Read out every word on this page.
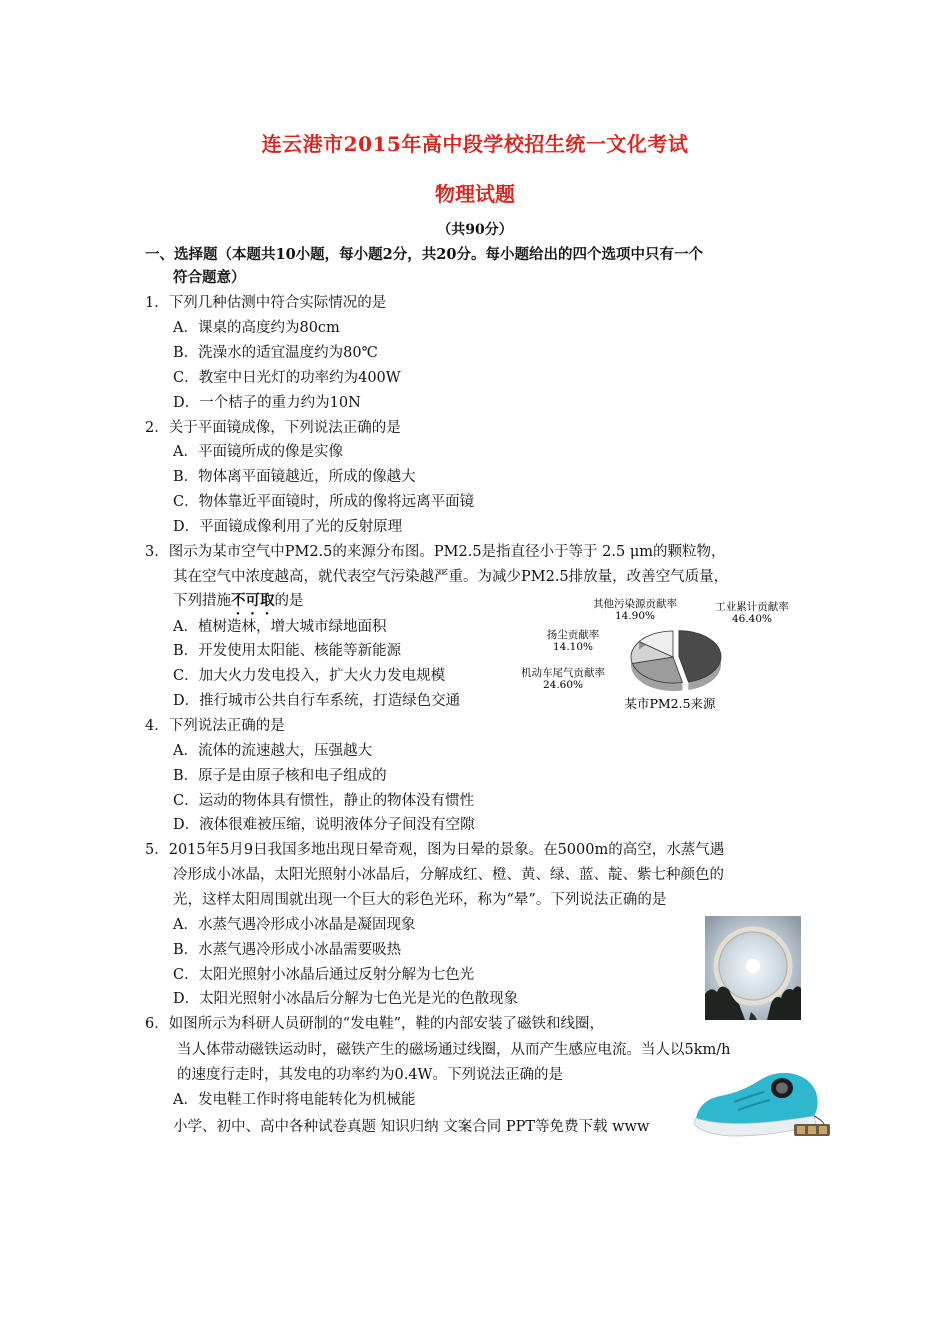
连云港市2015年高中段学校招生统一文化考试
物理试题
（共90分）
一、选择题（本题共10小题，每小题2分，共20分。每小题给出的四个选项中只有一个
符合题意）
1．下列几种估测中符合实际情况的是
A．课桌的高度约为80cm
B．洗澡水的适宜温度约为80℃
C．教室中日光灯的功率约为400W
D．一个桔子的重力约为10N
2．关于平面镜成像，下列说法正确的是
A．平面镜所成的像是实像
B．物体离平面镜越近，所成的像越大
C．物体靠近平面镜时，所成的像将远离平面镜
D．平面镜成像利用了光的反射原理
3．图示为某市空气中PM2.5的来源分布图。PM2.5是指直径小于等于 2.5 μm的颗粒物，
其在空气中浓度越高，就代表空气污染越严重。为减少PM2.5排放量，改善空气质量，
下列措施不可取的是
A．植树造林，增大城市绿地面积
B．开发使用太阳能、核能等新能源
C．加大火力发电投入，扩大火力发电规模
D．推行城市公共自行车系统，打造绿色交通
工业累计贡献率
46.40%
机动车尾气贡献率
24.60%
扬尘贡献率
14.10%
其他污染源贡献率
14.90%
某市PM2.5来源
4．下列说法正确的是
A．流体的流速越大，压强越大
B．原子是由原子核和电子组成的
C．运动的物体具有惯性，静止的物体没有惯性
D．液体很难被压缩，说明液体分子间没有空隙
5．2015年5月9日我国多地出现日晕奇观，图为日晕的景象。在5000m的高空，水蒸气遇
冷形成小冰晶，太阳光照射小冰晶后，分解成红、橙、黄、绿、蓝、靛、紫七种颜色的
光，这样太阳周围就出现一个巨大的彩色光环，称为“晕”。下列说法正确的是
A．水蒸气遇冷形成小冰晶是凝固现象
B．水蒸气遇冷形成小冰晶需要吸热
C．太阳光照射小冰晶后通过反射分解为七色光
D．太阳光照射小冰晶后分解为七色光是光的色散现象
6．如图所示为科研人员研制的“发电鞋”，鞋的内部安装了磁铁和线圈，
当人体带动磁铁运动时，磁铁产生的磁场通过线圈，从而产生感应电流。当人以5km/h
的速度行走时，其发电的功率约为0.4W。下列说法正确的是
A．发电鞋工作时将电能转化为机械能
小学、初中、高中各种试卷真题 知识归纳 文案合同 PPT等免费下载 www
